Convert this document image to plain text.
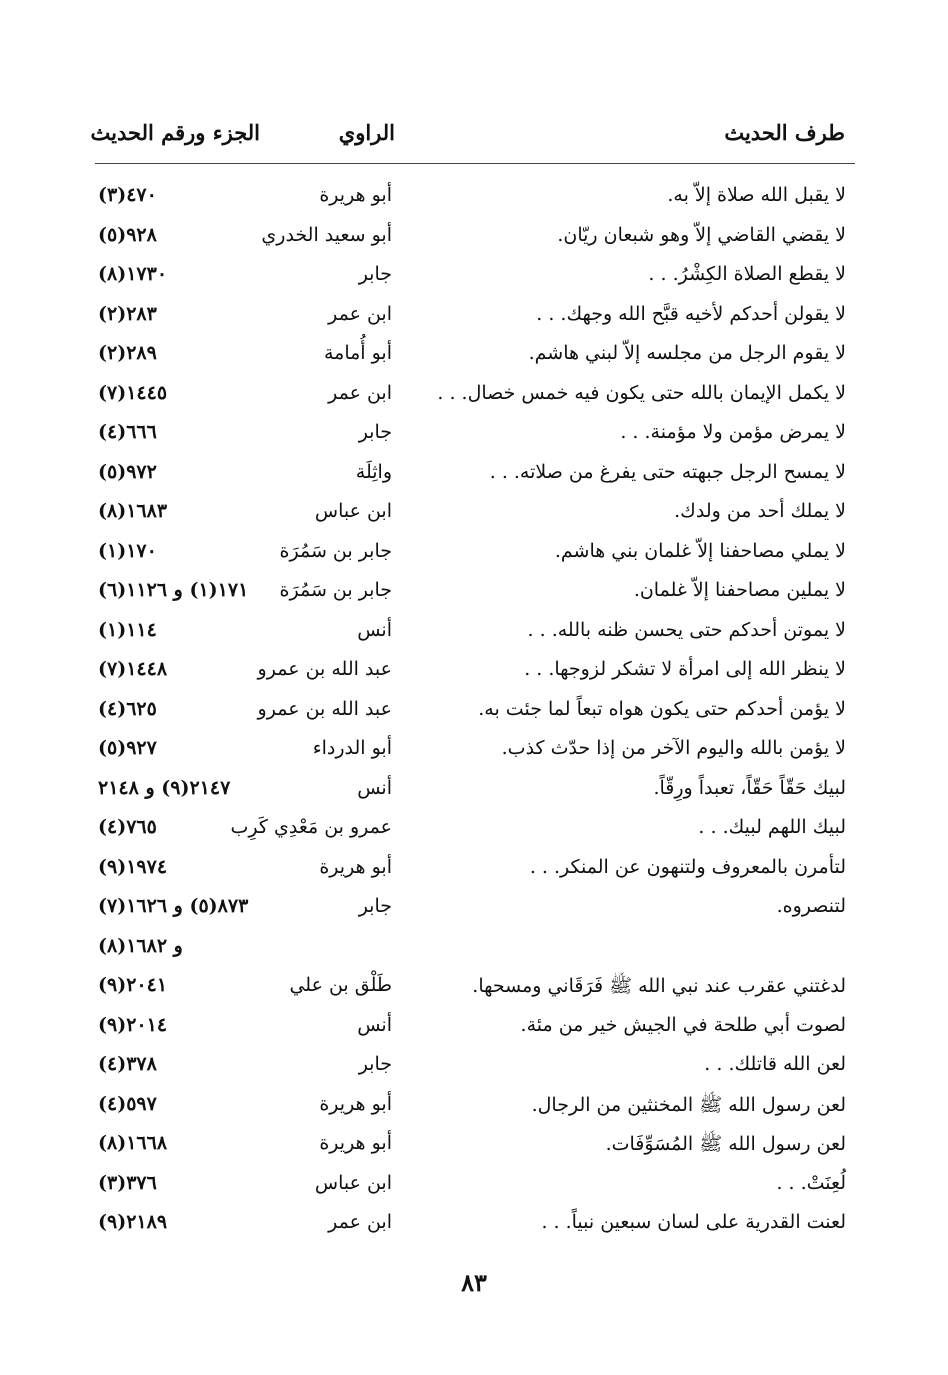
طرف الحديث
الراوي
الجزء ورقم الحديث
لا يقبل الله صلاة إلاّ به.
أبو هريرة
٤٧٠(٣)
لا يقضي القاضي إلاّ وهو شبعان ريّان.
أبو سعيد الخدري
٩٢٨(٥)
لا يقطع الصلاة الكِشْرُ. . .
جابر
١٧٣٠(٨)
لا يقولن أحدكم لأخيه قبَّح الله وجهك. . .
ابن عمر
٢٨٣(٢)
لا يقوم الرجل من مجلسه إلاّ لبني هاشم.
أبو أُمامة
٢٨٩(٢)
لا يكمل الإيمان بالله حتى يكون فيه خمس خصال. . .
ابن عمر
١٤٤٥(٧)
لا يمرض مؤمن ولا مؤمنة. . .
جابر
٦٦٦(٤)
لا يمسح الرجل جبهته حتى يفرغ من صلاته. . .
واثِلَة
٩٧٢(٥)
لا يملك أحد من ولدك.
ابن عباس
١٦٨٣(٨)
لا يملي مصاحفنا إلاّ غلمان بني هاشم.
جابر بن سَمُرَة
١٧٠(١)
لا يملين مصاحفنا إلاّ غلمان.
جابر بن سَمُرَة
١٧١(١) و ١١٢٦(٦)
لا يموتن أحدكم حتى يحسن ظنه بالله. . .
أنس
١١٤(١)
لا ينظر الله إلى امرأة لا تشكر لزوجها. . .
عبد الله بن عمرو
١٤٤٨(٧)
لا يؤمن أحدكم حتى يكون هواه تبعاً لما جئت به.
عبد الله بن عمرو
٦٢٥(٤)
لا يؤمن بالله واليوم الآخر من إذا حدّث كذب.
أبو الدرداء
٩٢٧(٥)
لبيك حَقّاً حَقّاً، تعبداً ورِقّاً.
أنس
٢١٤٧(٩) و ٢١٤٨
لبيك اللهم لبيك. . .
عمرو بن مَعْدِي كَرِب
٧٦٥(٤)
لتأمرن بالمعروف ولتنهون عن المنكر. . .
أبو هريرة
١٩٧٤(٩)
لتنصروه.
جابر
٨٧٣(٥) و ١٦٢٦(٧)
و ١٦٨٢(٨)
لدغتني عقرب عند نبي الله ﷺ فَرَقَاني ومسحها.
طَلْق بن علي
٢٠٤١(٩)
لصوت أبي طلحة في الجيش خير من مئة.
أنس
٢٠١٤(٩)
لعن الله قاتلك. . .
جابر
٣٧٨(٤)
لعن رسول الله ﷺ المخنثين من الرجال.
أبو هريرة
٥٩٧(٤)
لعن رسول الله ﷺ المُسَوِّفَات.
أبو هريرة
١٦٦٨(٨)
لُعِنَتْ. . .
ابن عباس
٣٧٦(٣)
لعنت القدرية على لسان سبعين نبياً. . .
ابن عمر
٢١٨٩(٩)
٨٣
